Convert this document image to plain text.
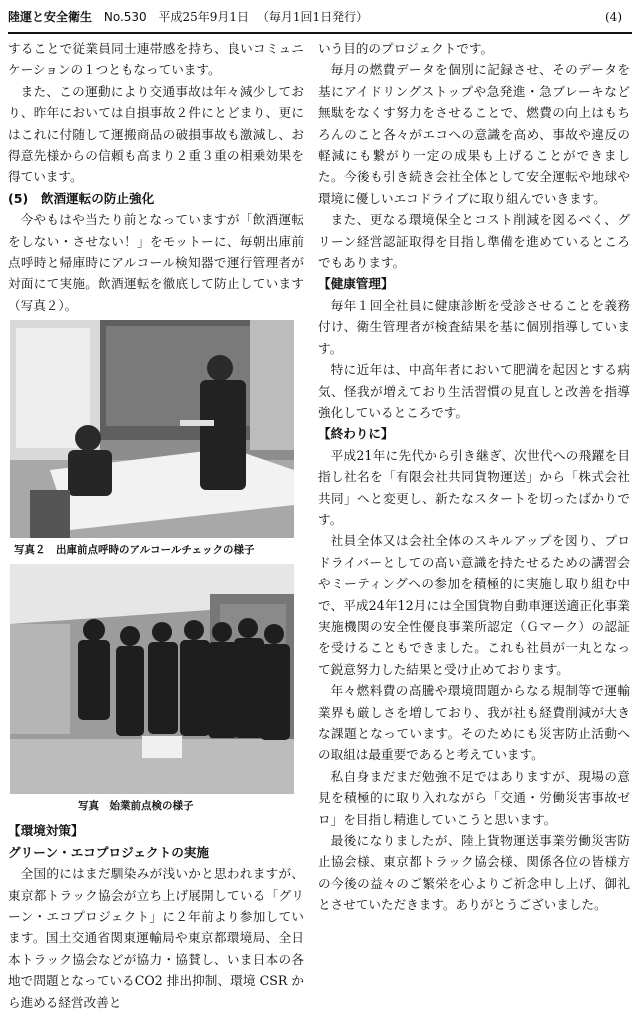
陸運と安全衛生 No.530 平成25年9月1日 （毎月1回1日発行）	(4)

することで従業員同士連帯感を持ち、良いコミュニケーションの１つともなっています。

また、この運動により交通事故は年々減少しており、昨年においては自損事故２件にとどまり、更にはこれに付随して運搬商品の破損事故も激減し、お得意先様からの信頼も高まり２重３重の相乗効果を得ています。

(5)　飲酒運転の防止強化

今やもはや当たり前となっていますが「飲酒運転をしない・させない！」をモットーに、毎朝出庫前点呼時と帰庫時にアルコール検知器で運行管理者が対面にて実施。飲酒運転を徹底して防止しています（写真２）。

写真２　出庫前点呼時のアルコールチェックの様子
写真　始業前点検の様子
【環境対策】
グリーン・エコプロジェクトの実施

全国的にはまだ馴染みが浅いかと思われますが、東京都トラック協会が立ち上げ展開している「グリーン・エコプロジェクト」に２年前より参加しています。国土交通省関東運輸局や東京都環境局、全日本トラック協会などが協力・協賛し、いま日本の各地で問題となっているCO2 排出抑制、環境 CSR から進める経営改善と

いう目的のプロジェクトです。

毎月の燃費データを個別に記録させ、そのデータを基にアイドリングストップや急発進・急ブレーキなど無駄をなくす努力をさせることで、燃費の向上はもちろんのこと各々がエコへの意識を高め、事故や違反の軽減にも繋がり一定の成果も上げることができました。今後も引き続き会社全体として安全運転や地球や環境に優しいエコドライブに取り組んでいきます。

また、更なる環境保全とコスト削減を図るべく、グリーン経営認証取得を目指し準備を進めているところでもあります。

【健康管理】

毎年１回全社員に健康診断を受診させることを義務付け、衛生管理者が検査結果を基に個別指導しています。

特に近年は、中高年者において肥満を起因とする病気、怪我が増えており生活習慣の見直しと改善を指導強化しているところです。

【終わりに】

平成21年に先代から引き継ぎ、次世代への飛躍を目指し社名を「有限会社共同貨物運送」から「株式会社共同」へと変更し、新たなスタートを切ったばかりです。

社員全体又は会社全体のスキルアップを図り、プロドライバーとしての高い意識を持たせるための講習会やミーティングへの参加を積極的に実施し取り組む中で、平成24年12月には全国貨物自動車運送適正化事業実施機関の安全性優良事業所認定（Ｇマーク）の認証を受けることもできました。これも社員が一丸となって鋭意努力した結果と受け止めております。

年々燃料費の高騰や環境問題からなる規制等で運輸業界も厳しさを増しており、我が社も経費削減が大きな課題となっています。そのためにも災害防止活動への取組は最重要であると考えています。

私自身まだまだ勉強不足ではありますが、現場の意見を積極的に取り入れながら「交通・労働災害事故ゼロ」を目指し精進していこうと思います。

最後になりましたが、陸上貨物運送事業労働災害防止協会様、東京都トラック協会様、関係各位の皆様方の今後の益々のご繁栄を心よりご祈念申し上げ、御礼とさせていただきます。ありがとうございました。
